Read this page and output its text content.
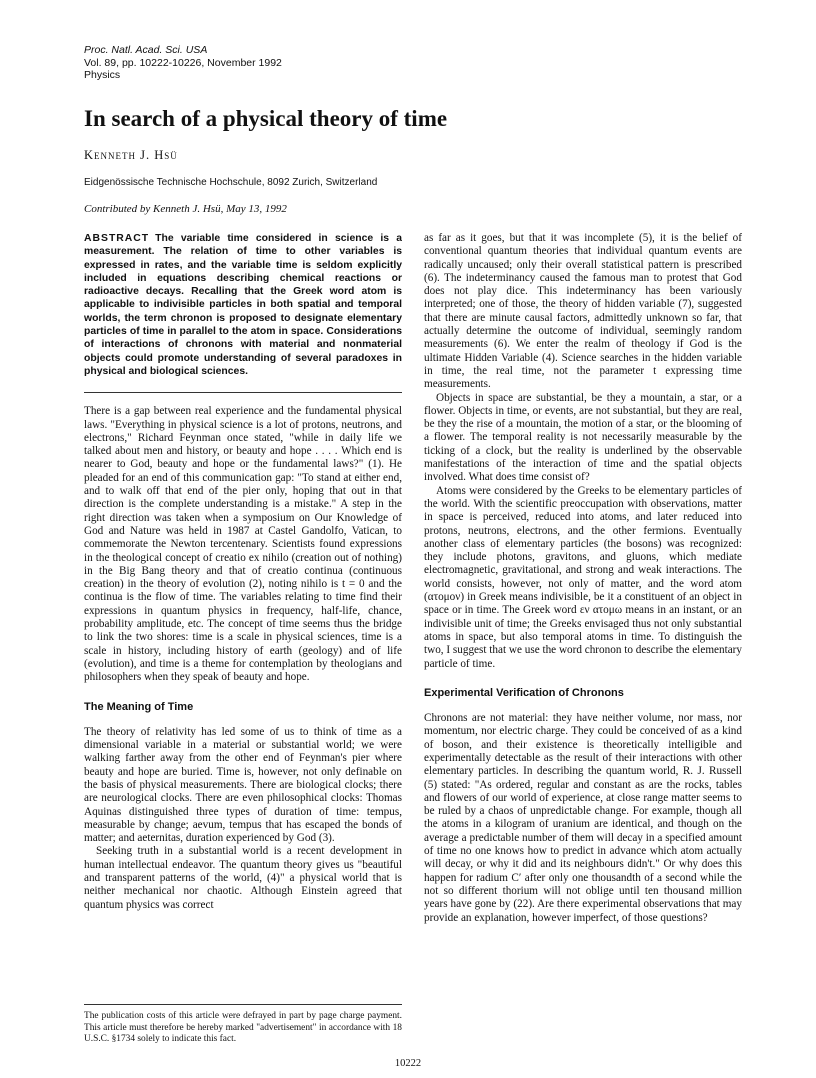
Proc. Natl. Acad. Sci. USA
Vol. 89, pp. 10222-10226, November 1992
Physics
In search of a physical theory of time
Kenneth J. Hsü
Eidgenössische Technische Hochschule, 8092 Zurich, Switzerland
Contributed by Kenneth J. Hsü, May 13, 1992

ABSTRACT The variable time considered in science is a measurement. The relation of time to other variables is expressed in rates, and the variable time is seldom explicitly included in equations describing chemical reactions or radioactive decays. Recalling that the Greek word atom is applicable to indivisible particles in both spatial and temporal worlds, the term chronon is proposed to designate elementary particles of time in parallel to the atom in space. Considerations of interactions of chronons with material and nonmaterial objects could promote understanding of several paradoxes in physical and biological sciences.

There is a gap between real experience and the fundamental physical laws. "Everything in physical science is a lot of protons, neutrons, and electrons," Richard Feynman once stated, "while in daily life we talked about men and history, or beauty and hope . . . . Which end is nearer to God, beauty and hope or the fundamental laws?" (1). He pleaded for an end of this communication gap: "To stand at either end, and to walk off that end of the pier only, hoping that out in that direction is the complete understanding is a mistake." A step in the right direction was taken when a symposium on Our Knowledge of God and Nature was held in 1987 at Castel Gandolfo, Vatican, to commemorate the Newton tercentenary. Scientists found expressions in the theological concept of creatio ex nihilo (creation out of nothing) in the Big Bang theory and that of creatio continua (continuous creation) in the theory of evolution (2), noting nihilo is t = 0 and the continua is the flow of time. The variables relating to time find their expressions in quantum physics in frequency, half-life, chance, probability amplitude, etc. The concept of time seems thus the bridge to link the two shores: time is a scale in physical sciences, time is a scale in history, including history of earth (geology) and of life (evolution), and time is a theme for contemplation by theologians and philosophers when they speak of beauty and hope.

The Meaning of Time

The theory of relativity has led some of us to think of time as a dimensional variable in a material or substantial world; we were walking farther away from the other end of Feynman's pier where beauty and hope are buried. Time is, however, not only definable on the basis of physical measurements. There are biological clocks; there are neurological clocks. There are even philosophical clocks: Thomas Aquinas distinguished three types of duration of time: tempus, measurable by change; aevum, tempus that has escaped the bonds of matter; and aeternitas, duration experienced by God (3).

Seeking truth in a substantial world is a recent development in human intellectual endeavor. The quantum theory gives us "beautiful and transparent patterns of the world, (4)" a physical world that is neither mechanical nor chaotic. Although Einstein agreed that quantum physics was correct

as far as it goes, but that it was incomplete (5), it is the belief of conventional quantum theories that individual quantum events are radically uncaused; only their overall statistical pattern is prescribed (6). The indeterminancy caused the famous man to protest that God does not play dice. This indeterminancy has been variously interpreted; one of those, the theory of hidden variable (7), suggested that there are minute causal factors, admittedly unknown so far, that actually determine the outcome of individual, seemingly random measurements (6). We enter the realm of theology if God is the ultimate Hidden Variable (4). Science searches in the hidden variable in time, the real time, not the parameter t expressing time measurements.

Objects in space are substantial, be they a mountain, a star, or a flower. Objects in time, or events, are not substantial, but they are real, be they the rise of a mountain, the motion of a star, or the blooming of a flower. The temporal reality is not necessarily measurable by the ticking of a clock, but the reality is underlined by the observable manifestations of the interaction of time and the spatial objects involved. What does time consist of?

Atoms were considered by the Greeks to be elementary particles of the world. With the scientific preoccupation with observations, matter in space is perceived, reduced into atoms, and later reduced into protons, neutrons, electrons, and the other fermions. Eventually another class of elementary particles (the bosons) was recognized: they include photons, gravitons, and gluons, which mediate electromagnetic, gravitational, and strong and weak interactions. The world consists, however, not only of matter, and the word atom (ατομον) in Greek means indivisible, be it a constituent of an object in space or in time. The Greek word εν ατομω means in an instant, or an indivisible unit of time; the Greeks envisaged thus not only substantial atoms in space, but also temporal atoms in time. To distinguish the two, I suggest that we use the word chronon to describe the elementary particle of time.

Experimental Verification of Chronons

Chronons are not material: they have neither volume, nor mass, nor momentum, nor electric charge. They could be conceived of as a kind of boson, and their existence is theoretically intelligible and experimentally detectable as the result of their interactions with other elementary particles. In describing the quantum world, R. J. Russell (5) stated: "As ordered, regular and constant as are the rocks, tables and flowers of our world of experience, at close range matter seems to be ruled by a chaos of unpredictable change. For example, though all the atoms in a kilogram of uranium are identical, and though on the average a predictable number of them will decay in a specified amount of time no one knows how to predict in advance which atom actually will decay, or why it did and its neighbours didn't." Or why does this happen for radium C′ after only one thousandth of a second while the not so different thorium will not oblige until ten thousand million years have gone by (22). Are there experimental observations that may provide an explanation, however imperfect, of those questions?

The publication costs of this article were defrayed in part by page charge payment. This article must therefore be hereby marked "advertisement" in accordance with 18 U.S.C. §1734 solely to indicate this fact.
10222
